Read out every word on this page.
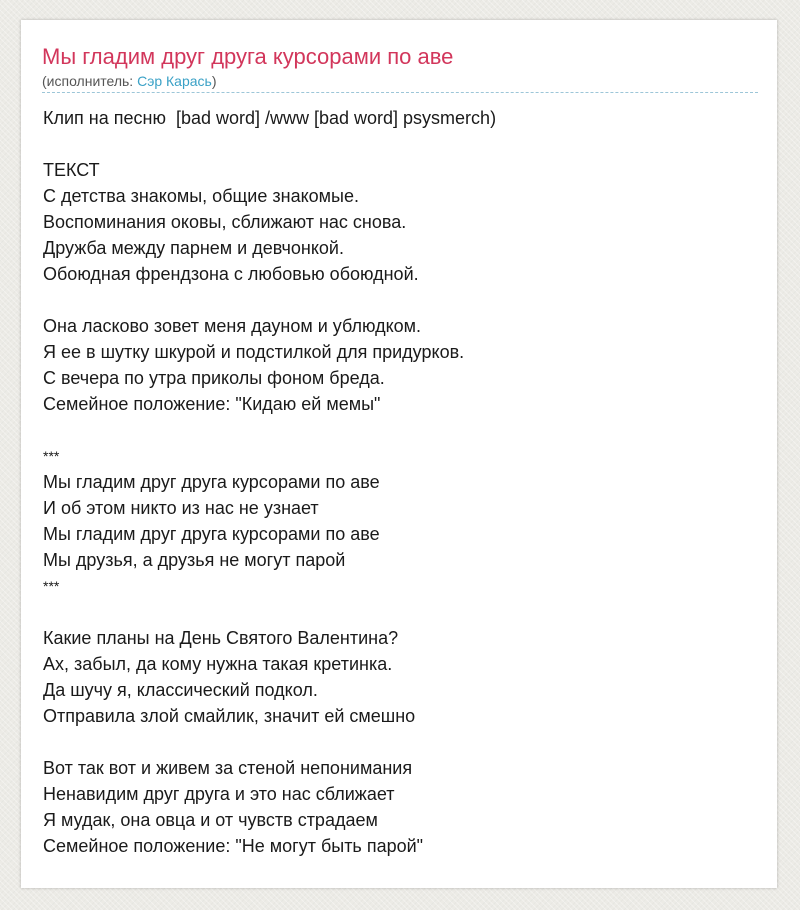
Мы гладим друг друга курсорами по аве
(исполнитель: Сэр Карась)
Клип на песню  [bad word] /www [bad word] psysmerch)
ТЕКСТ
С детства знакомы, общие знакомые.
Воспоминания оковы, сближают нас снова.
Дружба между парнем и девчонкой.
Обоюдная френдзона с любовью обоюдной.
Она ласково зовет меня дауном и ублюдком.
Я ее в шутку шкурой и подстилкой для придурков.
С вечера по утра приколы фоном бреда.
Семейное положение: "Кидаю ей мемы"
***
Мы гладим друг друга курсорами по аве
И об этом никто из нас не узнает
Мы гладим друг друга курсорами по аве
Мы друзья, а друзья не могут парой
***
Какие планы на День Святого Валентина?
Ах, забыл, да кому нужна такая кретинка.
Да шучу я, классический подкол.
Отправила злой смайлик, значит ей смешно
Вот так вот и живем за стеной непонимания
Ненавидим друг друга и это нас сближает
Я мудак, она овца и от чувств страдаем
Семейное положение: "Не могут быть парой"
